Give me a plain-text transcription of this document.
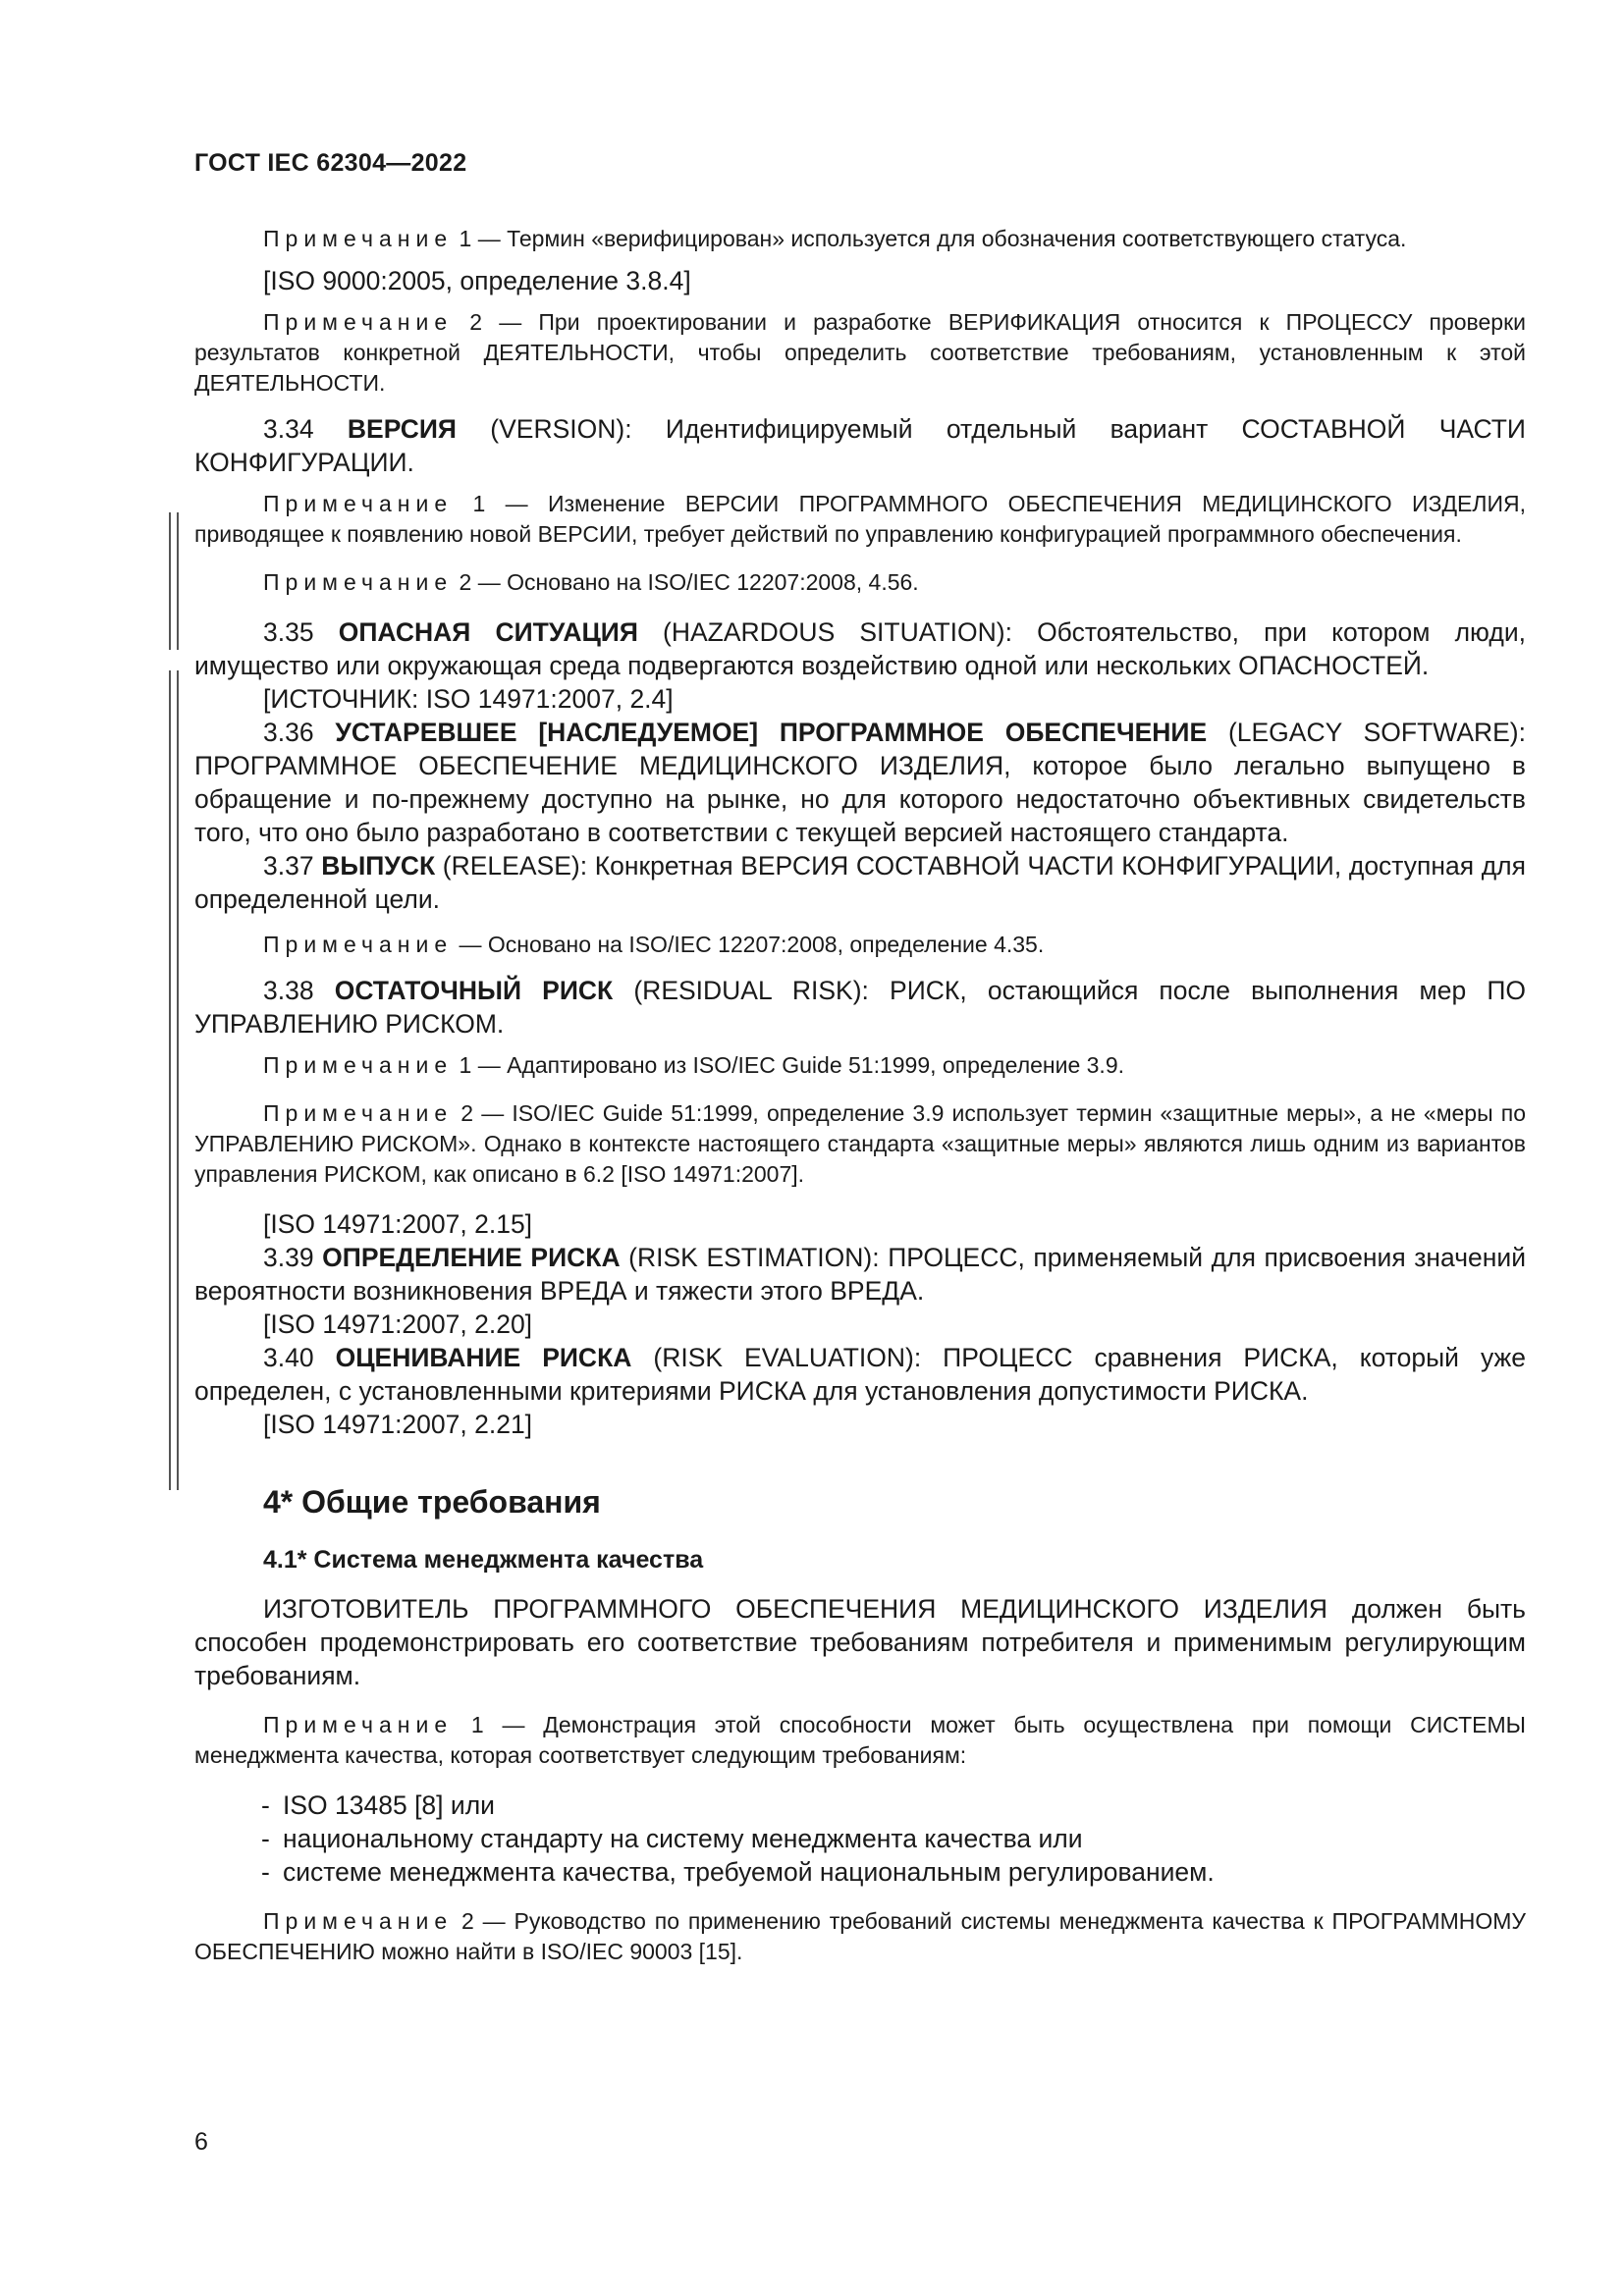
ГОСТ IEC 62304—2022

Примечание 1 — Термин «верифицирован» используется для обозначения соответствующего статуса.

[ISO 9000:2005, определение 3.8.4]

Примечание 2 — При проектировании и разработке ВЕРИФИКАЦИЯ относится к ПРОЦЕССУ проверки результатов конкретной ДЕЯТЕЛЬНОСТИ, чтобы определить соответствие требованиям, установленным к этой ДЕЯТЕЛЬНОСТИ.

3.34 ВЕРСИЯ (VERSION): Идентифицируемый отдельный вариант СОСТАВНОЙ ЧАСТИ КОНФИГУРАЦИИ.

Примечание 1 — Изменение ВЕРСИИ ПРОГРАММНОГО ОБЕСПЕЧЕНИЯ МЕДИЦИНСКОГО ИЗДЕЛИЯ, приводящее к появлению новой ВЕРСИИ, требует действий по управлению конфигурацией программного обеспечения.

Примечание 2 — Основано на ISO/IEC 12207:2008, 4.56.

3.35 ОПАСНАЯ СИТУАЦИЯ (HAZARDOUS SITUATION): Обстоятельство, при котором люди, имущество или окружающая среда подвергаются воздействию одной или нескольких ОПАСНОСТЕЙ.

[ИСТОЧНИК: ISO 14971:2007, 2.4]

3.36 УСТАРЕВШЕЕ [НАСЛЕДУЕМОЕ] ПРОГРАММНОЕ ОБЕСПЕЧЕНИЕ (LEGACY SOFTWARE): ПРОГРАММНОЕ ОБЕСПЕЧЕНИЕ МЕДИЦИНСКОГО ИЗДЕЛИЯ, которое было легально выпущено в обращение и по-прежнему доступно на рынке, но для которого недостаточно объективных свидетельств того, что оно было разработано в соответствии с текущей версией настоящего стандарта.

3.37 ВЫПУСК (RELEASE): Конкретная ВЕРСИЯ СОСТАВНОЙ ЧАСТИ КОНФИГУРАЦИИ, доступная для определенной цели.

Примечание — Основано на ISO/IEC 12207:2008, определение 4.35.

3.38 ОСТАТОЧНЫЙ РИСК (RESIDUAL RISK): РИСК, остающийся после выполнения мер ПО УПРАВЛЕНИЮ РИСКОМ.

Примечание 1 — Адаптировано из ISO/IEC Guide 51:1999, определение 3.9.

Примечание 2 — ISO/IEC Guide 51:1999, определение 3.9 использует термин «защитные меры», а не «меры по УПРАВЛЕНИЮ РИСКОМ». Однако в контексте настоящего стандарта «защитные меры» являются лишь одним из вариантов управления РИСКОМ, как описано в 6.2 [ISO 14971:2007].

[ISO 14971:2007, 2.15]

3.39 ОПРЕДЕЛЕНИЕ РИСКА (RISK ESTIMATION): ПРОЦЕСС, применяемый для присвоения значений вероятности возникновения ВРЕДА и тяжести этого ВРЕДА.

[ISO 14971:2007, 2.20]

3.40 ОЦЕНИВАНИЕ РИСКА (RISK EVALUATION): ПРОЦЕСС сравнения РИСКА, который уже определен, с установленными критериями РИСКА для установления допустимости РИСКА.

[ISO 14971:2007, 2.21]

4* Общие требования
4.1* Система менеджмента качества

ИЗГОТОВИТЕЛЬ ПРОГРАММНОГО ОБЕСПЕЧЕНИЯ МЕДИЦИНСКОГО ИЗДЕЛИЯ должен быть способен продемонстрировать его соответствие требованиям потребителя и применимым регулирующим требованиям.

Примечание 1 — Демонстрация этой способности может быть осуществлена при помощи СИСТЕМЫ менеджмента качества, которая соответствует следующим требованиям:

- ISO 13485 [8] или
- национальному стандарту на систему менеджмента качества или
- системе менеджмента качества, требуемой национальным регулированием.

Примечание 2 — Руководство по применению требований системы менеджмента качества к ПРОГРАММНОМУ ОБЕСПЕЧЕНИЮ можно найти в ISO/IEC 90003 [15].

6
